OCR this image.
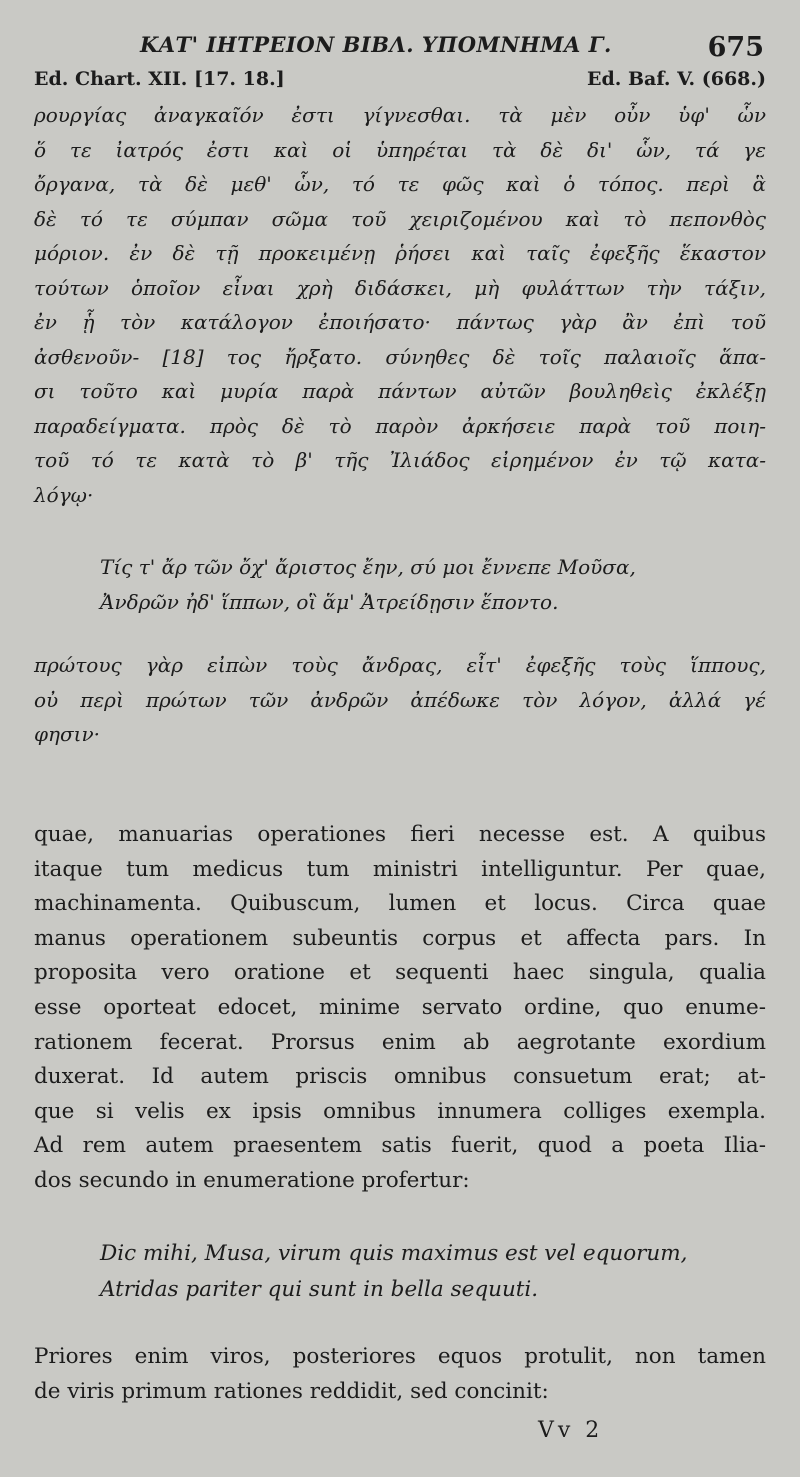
ΚΑΤ' ΙΗΤΡΕΙΟΝ ΒΙΒΛ. ΥΠΟΜΝΗΜΑ Γ.	675
Ed. Chart. XII. [17. 18.]	Ed. Baf. V. (668.)
ρουργίας ἀναγκαῖόν ἐστι γίγνεσθαι. τὰ μὲν οὖν ὑφ' ὧν
ὅ τε ἰατρός ἐστι καὶ οἱ ὑπηρέται τὰ δὲ δι' ὧν, τά γε
ὄργανα, τὰ δὲ μεθ' ὧν, τό τε φῶς καὶ ὁ τόπος. περὶ ἃ
δὲ τό τε σύμπαν σῶμα τοῦ χειριζομένου καὶ τὸ πεπονθὸς
μόριον. ἐν δὲ τῇ προκειμένῃ ῥήσει καὶ ταῖς ἐφεξῆς ἕκαστον
τούτων ὁποῖον εἶναι χρὴ διδάσκει, μὴ φυλάττων τὴν τάξιν,
ἐν ᾗ τὸν κατάλογον ἐποιήσατο· πάντως γὰρ ἂν ἐπὶ τοῦ
ἀσθενοῦν- [18] τος ἤρξατο. σύνηθες δὲ τοῖς παλαιοῖς ἅπα-
σι τοῦτο καὶ μυρία παρὰ πάντων αὐτῶν βουληθεὶς ἐκλέξῃ
παραδείγματα. πρὸς δὲ τὸ παρὸν ἀρκήσειε παρὰ τοῦ ποιη-
τοῦ τό τε κατὰ τὸ β' τῆς Ἰλιάδος εἰρημένον ἐν τῷ κατα-
λόγῳ·
Τίς τ' ἄρ τῶν ὄχ' ἄριστος ἔην, σύ μοι ἔννεπε Μοῦσα,
Ἀνδρῶν ἠδ' ἵππων, οἳ ἅμ' Ἀτρείδῃσιν ἕποντο.
πρώτους γὰρ εἰπὼν τοὺς ἄνδρας, εἶτ' ἐφεξῆς τοὺς ἵππους,
οὐ περὶ πρώτων τῶν ἀνδρῶν ἀπέδωκε τὸν λόγον, ἀλλά γέ
φησιν·
quae, manuarias operationes fieri necesse est. A quibus
itaque tum medicus tum ministri intelliguntur. Per quae,
machinamenta. Quibuscum, lumen et locus. Circa quae
manus operationem subeuntis corpus et affecta pars. In
proposita vero oratione et sequenti haec singula, qualia
esse oporteat edocet, minime servato ordine, quo enume-
rationem fecerat. Prorsus enim ab aegrotante exordium
duxerat. Id autem priscis omnibus consuetum erat; at-
que si velis ex ipsis omnibus innumera colliges exempla.
Ad rem autem praesentem satis fuerit, quod a poeta Ilia-
dos secundo in enumeratione profertur:
Dic mihi, Musa, virum quis maximus est vel equorum,
Atridas pariter qui sunt in bella sequuti.
Priores enim viros, posteriores equos protulit, non tamen
de viris primum rationes reddidit, sed concinit:
Vv 2
